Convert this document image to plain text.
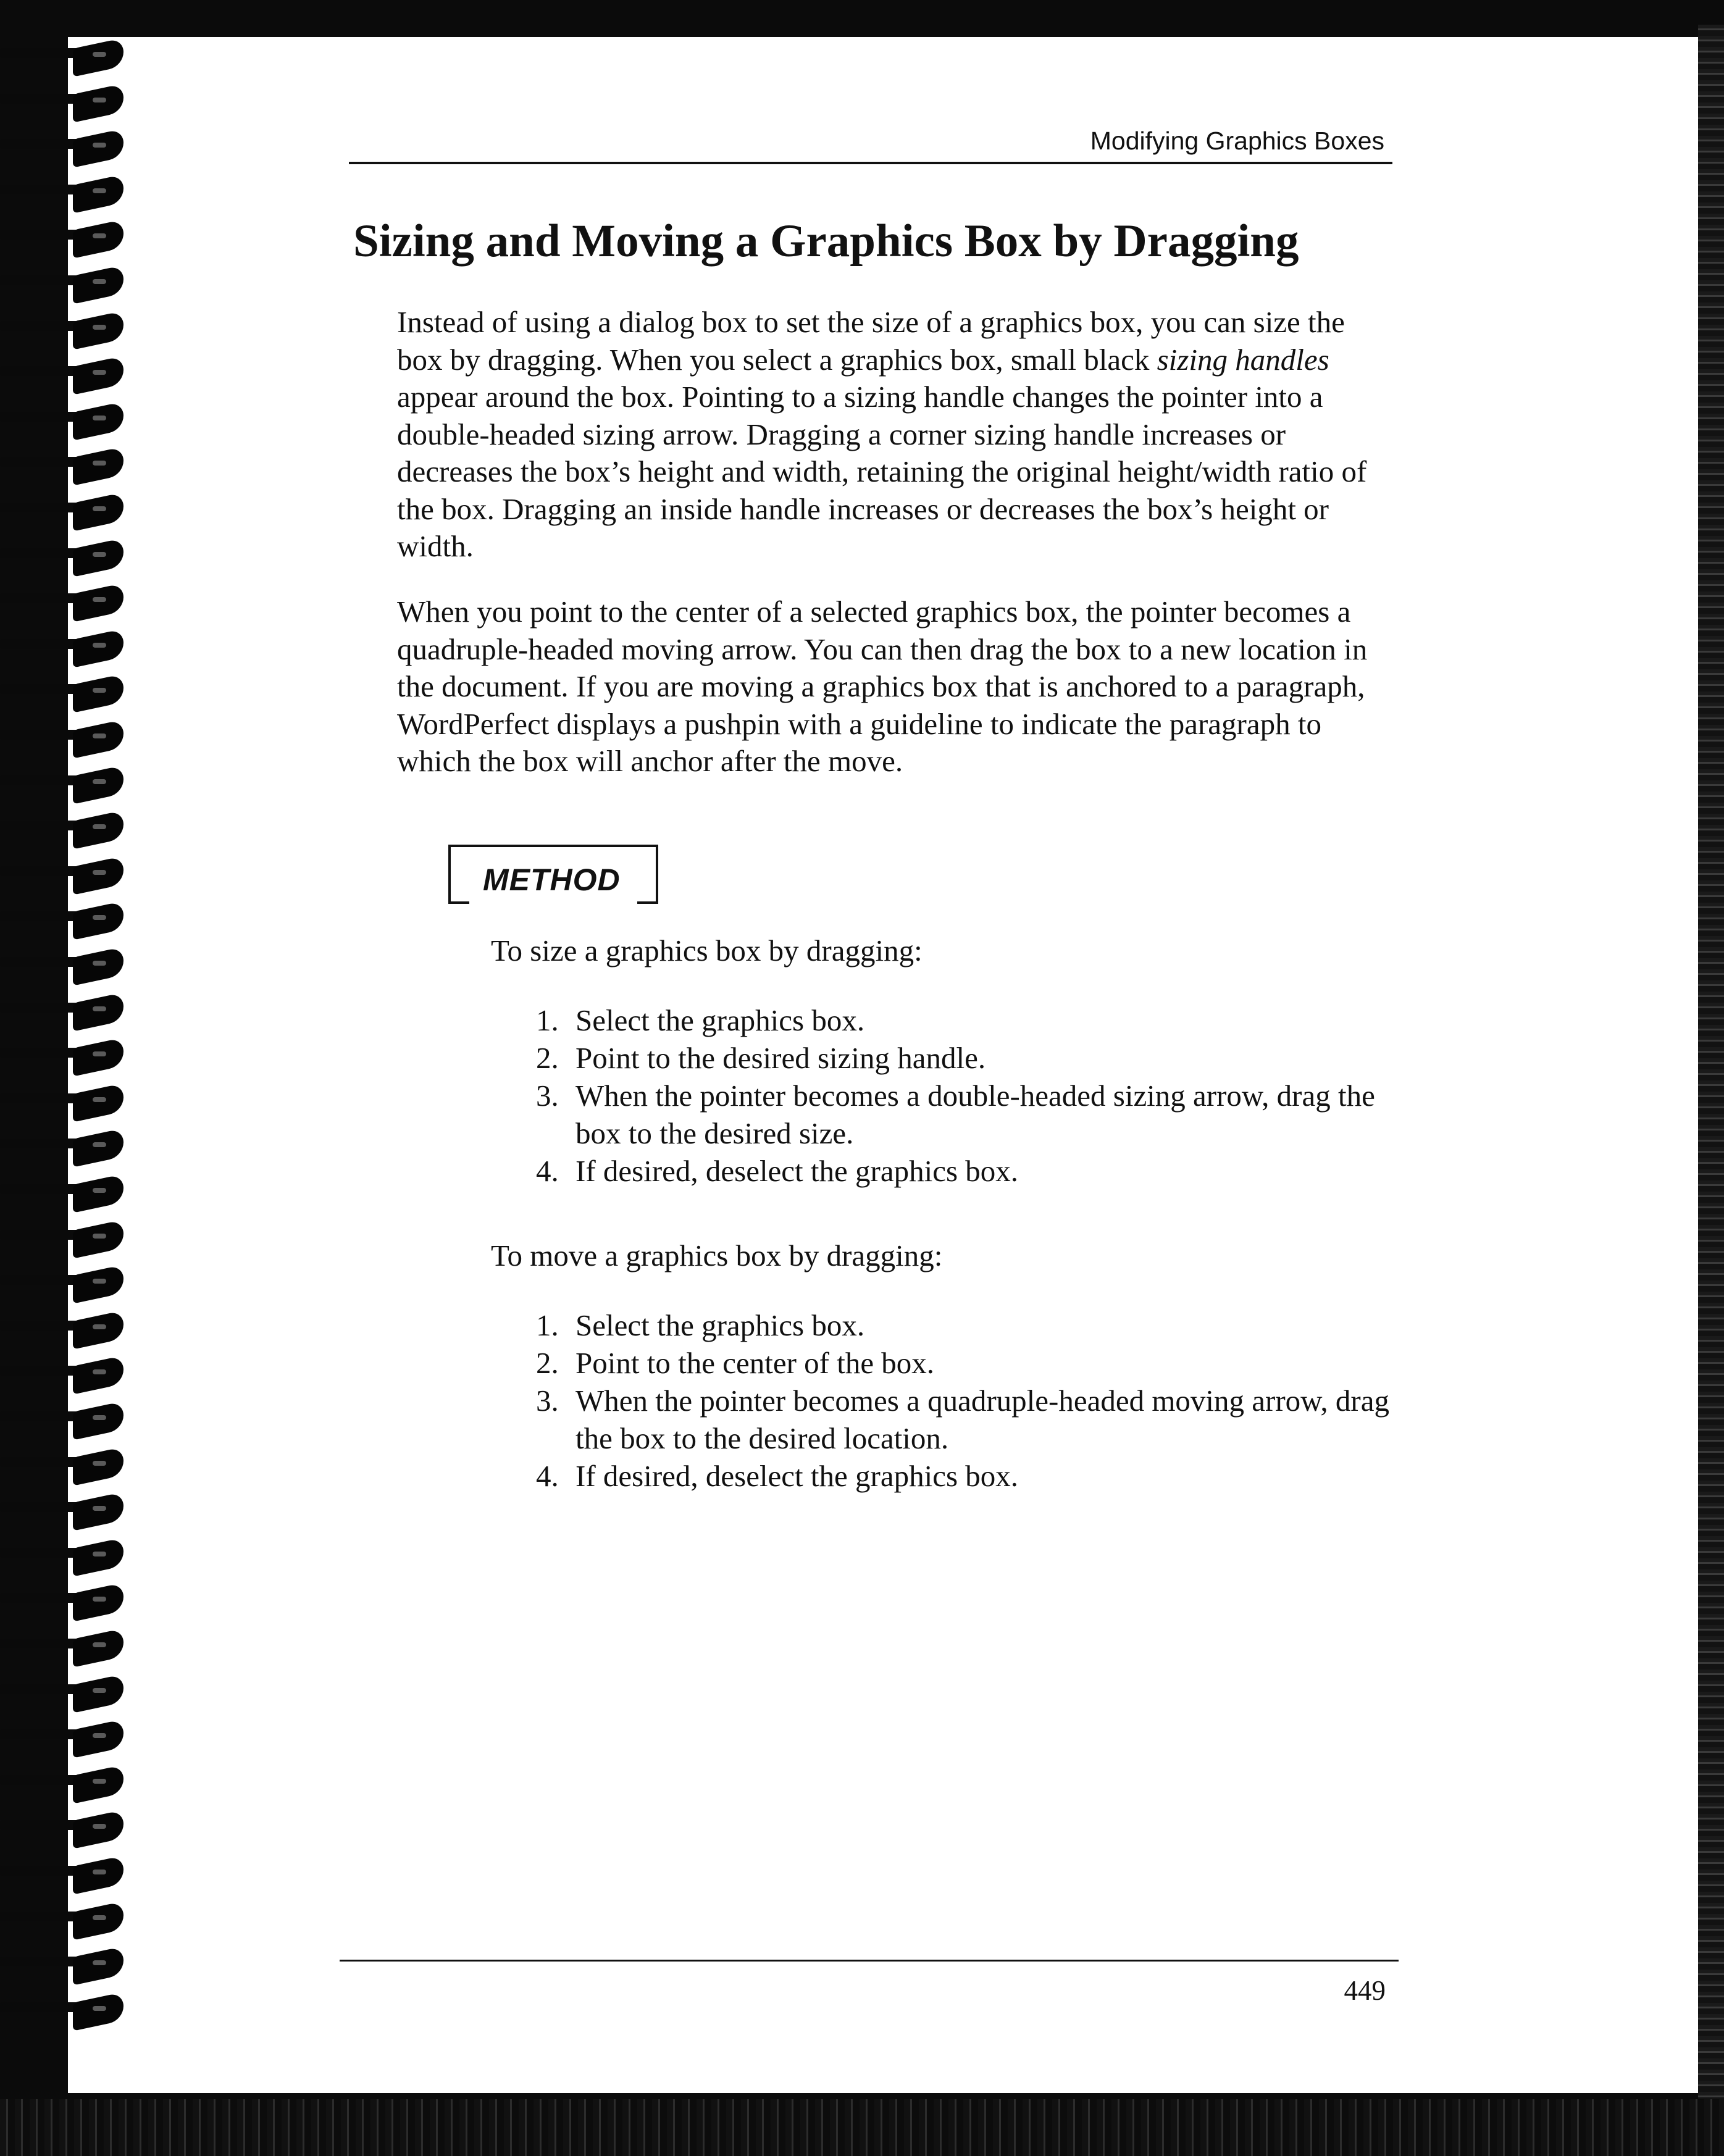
Modifying Graphics Boxes
Sizing and Moving a Graphics Box by Dragging

Instead of using a dialog box to set the size of a graphics box, you can size the box by dragging. When you select a graphics box, small black sizing handles appear around the box. Pointing to a sizing handle changes the pointer into a double-headed sizing arrow. Dragging a corner sizing handle increases or decreases the box’s height and width, retaining the original height/width ratio of the box. Dragging an inside handle increases or decreases the box’s height or width.

When you point to the center of a selected graphics box, the pointer becomes a quadruple-headed moving arrow. You can then drag the box to a new location in the document. If you are moving a graphics box that is anchored to a paragraph, WordPerfect displays a pushpin with a guideline to indicate the paragraph to which the box will anchor after the move.

METHOD
To size a graphics box by dragging:
1. Select the graphics box.
2. Point to the desired sizing handle.
3. When the pointer becomes a double-headed sizing arrow, drag the box to the desired size.
4. If desired, deselect the graphics box.
To move a graphics box by dragging:
1. Select the graphics box.
2. Point to the center of the box.
3. When the pointer becomes a quadruple-headed moving arrow, drag the box to the desired location.
4. If desired, deselect the graphics box.
449
